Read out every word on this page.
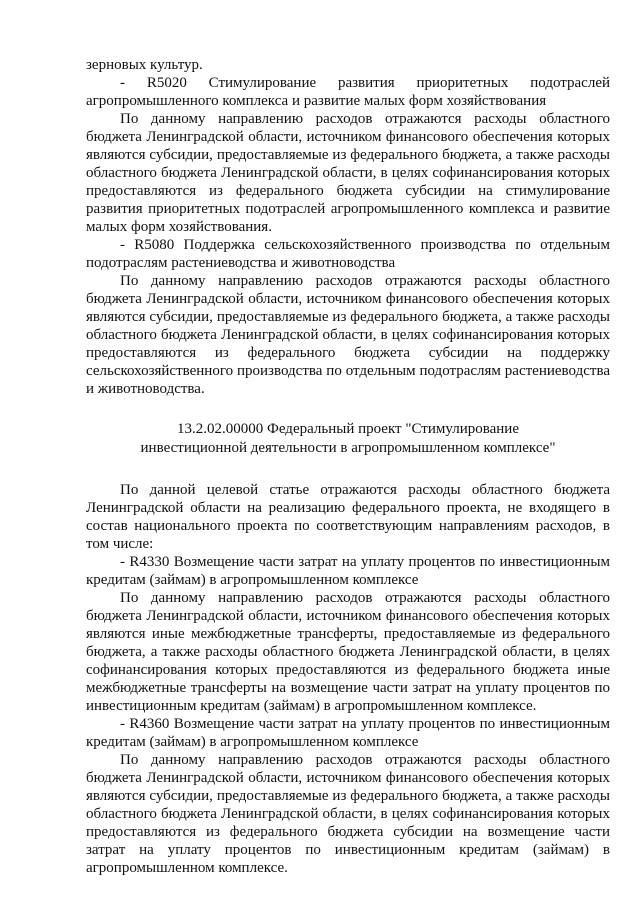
зерновых культур.

- R5020 Стимулирование развития приоритетных подотраслей агропромышленного комплекса и развитие малых форм хозяйствования

По данному направлению расходов отражаются расходы областного бюджета Ленинградской области, источником финансового обеспечения которых являются субсидии, предоставляемые из федерального бюджета, а также расходы областного бюджета Ленинградской области, в целях софинансирования которых предоставляются из федерального бюджета субсидии на стимулирование развития приоритетных подотраслей агропромышленного комплекса и развитие малых форм хозяйствования.

- R5080 Поддержка сельскохозяйственного производства по отдельным подотраслям растениеводства и животноводства

По данному направлению расходов отражаются расходы областного бюджета Ленинградской области, источником финансового обеспечения которых являются субсидии, предоставляемые из федерального бюджета, а также расходы областного бюджета Ленинградской области, в целях софинансирования которых предоставляются из федерального бюджета субсидии на поддержку сельскохозяйственного производства по отдельным подотраслям растениеводства и животноводства.

13.2.02.00000 Федеральный проект "Стимулирование
инвестиционной деятельности в агропромышленном комплексе"

По данной целевой статье отражаются расходы областного бюджета Ленинградской области на реализацию федерального проекта, не входящего в состав национального проекта по соответствующим направлениям расходов, в том числе:

- R4330 Возмещение части затрат на уплату процентов по инвестиционным кредитам (займам) в агропромышленном комплексе

По данному направлению расходов отражаются расходы областного бюджета Ленинградской области, источником финансового обеспечения которых являются иные межбюджетные трансферты, предоставляемые из федерального бюджета, а также расходы областного бюджета Ленинградской области, в целях софинансирования которых предоставляются из федерального бюджета иные межбюджетные трансферты на возмещение части затрат на уплату процентов по инвестиционным кредитам (займам) в агропромышленном комплексе.

- R4360 Возмещение части затрат на уплату процентов по инвестиционным кредитам (займам) в агропромышленном комплексе

По данному направлению расходов отражаются расходы областного бюджета Ленинградской области, источником финансового обеспечения которых являются субсидии, предоставляемые из федерального бюджета, а также расходы областного бюджета Ленинградской области, в целях софинансирования которых предоставляются из федерального бюджета субсидии на возмещение части затрат на уплату процентов по инвестиционным кредитам (займам) в агропромышленном комплексе.
